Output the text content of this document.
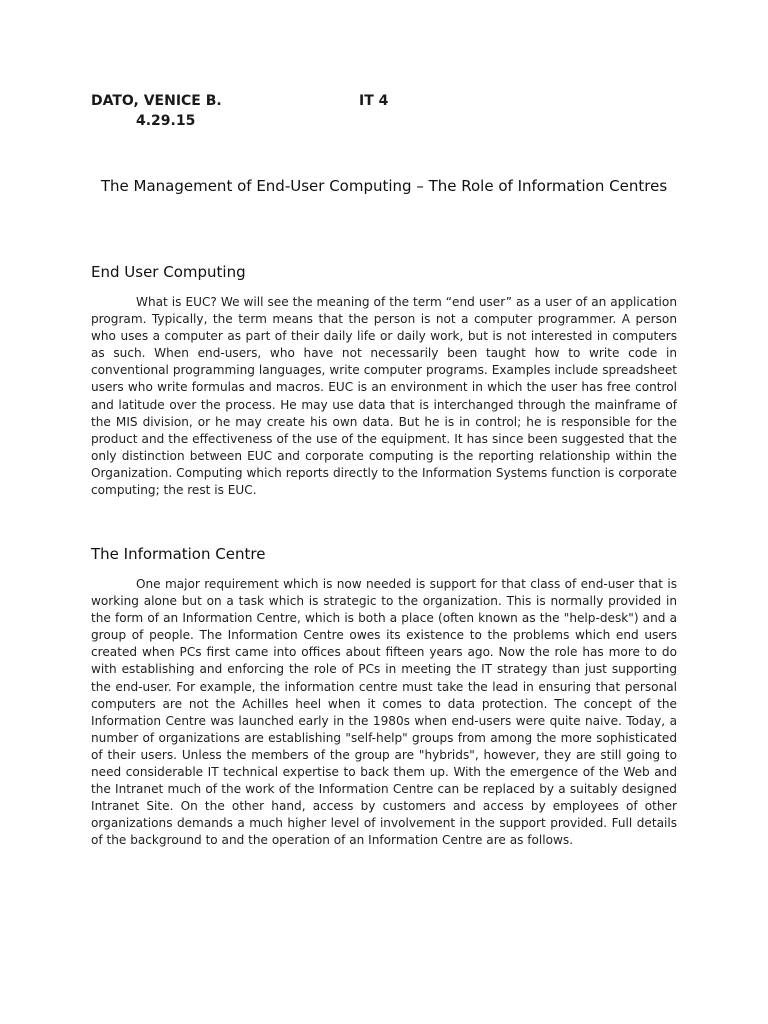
DATO, VENICE B.	IT 4
4.29.15
The Management of End-User Computing – The Role of Information Centres
End User Computing
What is EUC? We will see the meaning of the term “end user” as a user of an application program. Typically, the term means that the person is not a computer programmer. A person who uses a computer as part of their daily life or daily work, but is not interested in computers as such. When end-users, who have not necessarily been taught how to write code in conventional programming languages, write computer programs. Examples include spreadsheet users who write formulas and macros. EUC is an environment in which the user has free control and latitude over the process. He may use data that is interchanged through the mainframe of the MIS division, or he may create his own data. But he is in control; he is responsible for the product and the effectiveness of the use of the equipment. It has since been suggested that the only distinction between EUC and corporate computing is the reporting relationship within the Organization. Computing which reports directly to the Information Systems function is corporate computing; the rest is EUC.
The Information Centre
One major requirement which is now needed is support for that class of end-user that is working alone but on a task which is strategic to the organization. This is normally provided in the form of an Information Centre, which is both a place (often known as the "help-desk") and a group of people. The Information Centre owes its existence to the problems which end users created when PCs first came into offices about fifteen years ago. Now the role has more to do with establishing and enforcing the role of PCs in meeting the IT strategy than just supporting the end-user. For example, the information centre must take the lead in ensuring that personal computers are not the Achilles heel when it comes to data protection. The concept of the Information Centre was launched early in the 1980s when end-users were quite naive. Today, a number of organizations are establishing "self-help" groups from among the more sophisticated of their users. Unless the members of the group are "hybrids", however, they are still going to need considerable IT technical expertise to back them up. With the emergence of the Web and the Intranet much of the work of the Information Centre can be replaced by a suitably designed Intranet Site. On the other hand, access by customers and access by employees of other organizations demands a much higher level of involvement in the support provided. Full details of the background to and the operation of an Information Centre are as follows.
